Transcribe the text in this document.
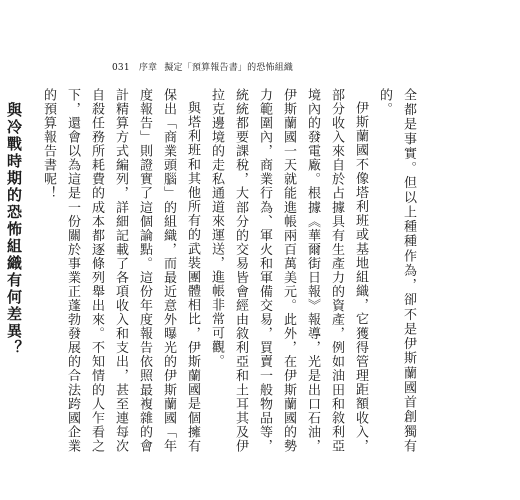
031 序章 擬定「預算報告書」的恐怖組織

全都是事實。但以上種種作為，卻不是伊斯蘭國首創獨有的。

伊斯蘭國不像塔利班或基地組織，它獲得管理距額收入，部分收入來自於占據具有生產力的資產，例如油田和敘利亞境內的發電廠。根據《華爾街日報》報導，光是出口石油，伊斯蘭國一天就能進帳兩百萬美元。此外，在伊斯蘭國的勢力範圍內，商業行為、軍火和軍備交易，買賣一般物品等，統統都要課稅，大部分的交易皆會經由敘利亞和土耳其及伊拉克邊境的走私通道來運送，進帳非常可觀。

與塔利班和其他所有的武裝團體相比，伊斯蘭國是個擁有保出「商業頭腦」的組織，而最近意外曝光的伊斯蘭國「年度報告」則證實了這個論點。這份年度報告依照最複雜的會計精算方式編列，詳細記載了各項收入和支出，甚至連每次自殺任務所耗費的成本都逐條列舉出來。不知情的人乍看之下，還會以為這是一份關於事業正蓬勃發展的合法跨國企業的預算報告書呢！

與冷戰時期的恐怖組織有何差異？
